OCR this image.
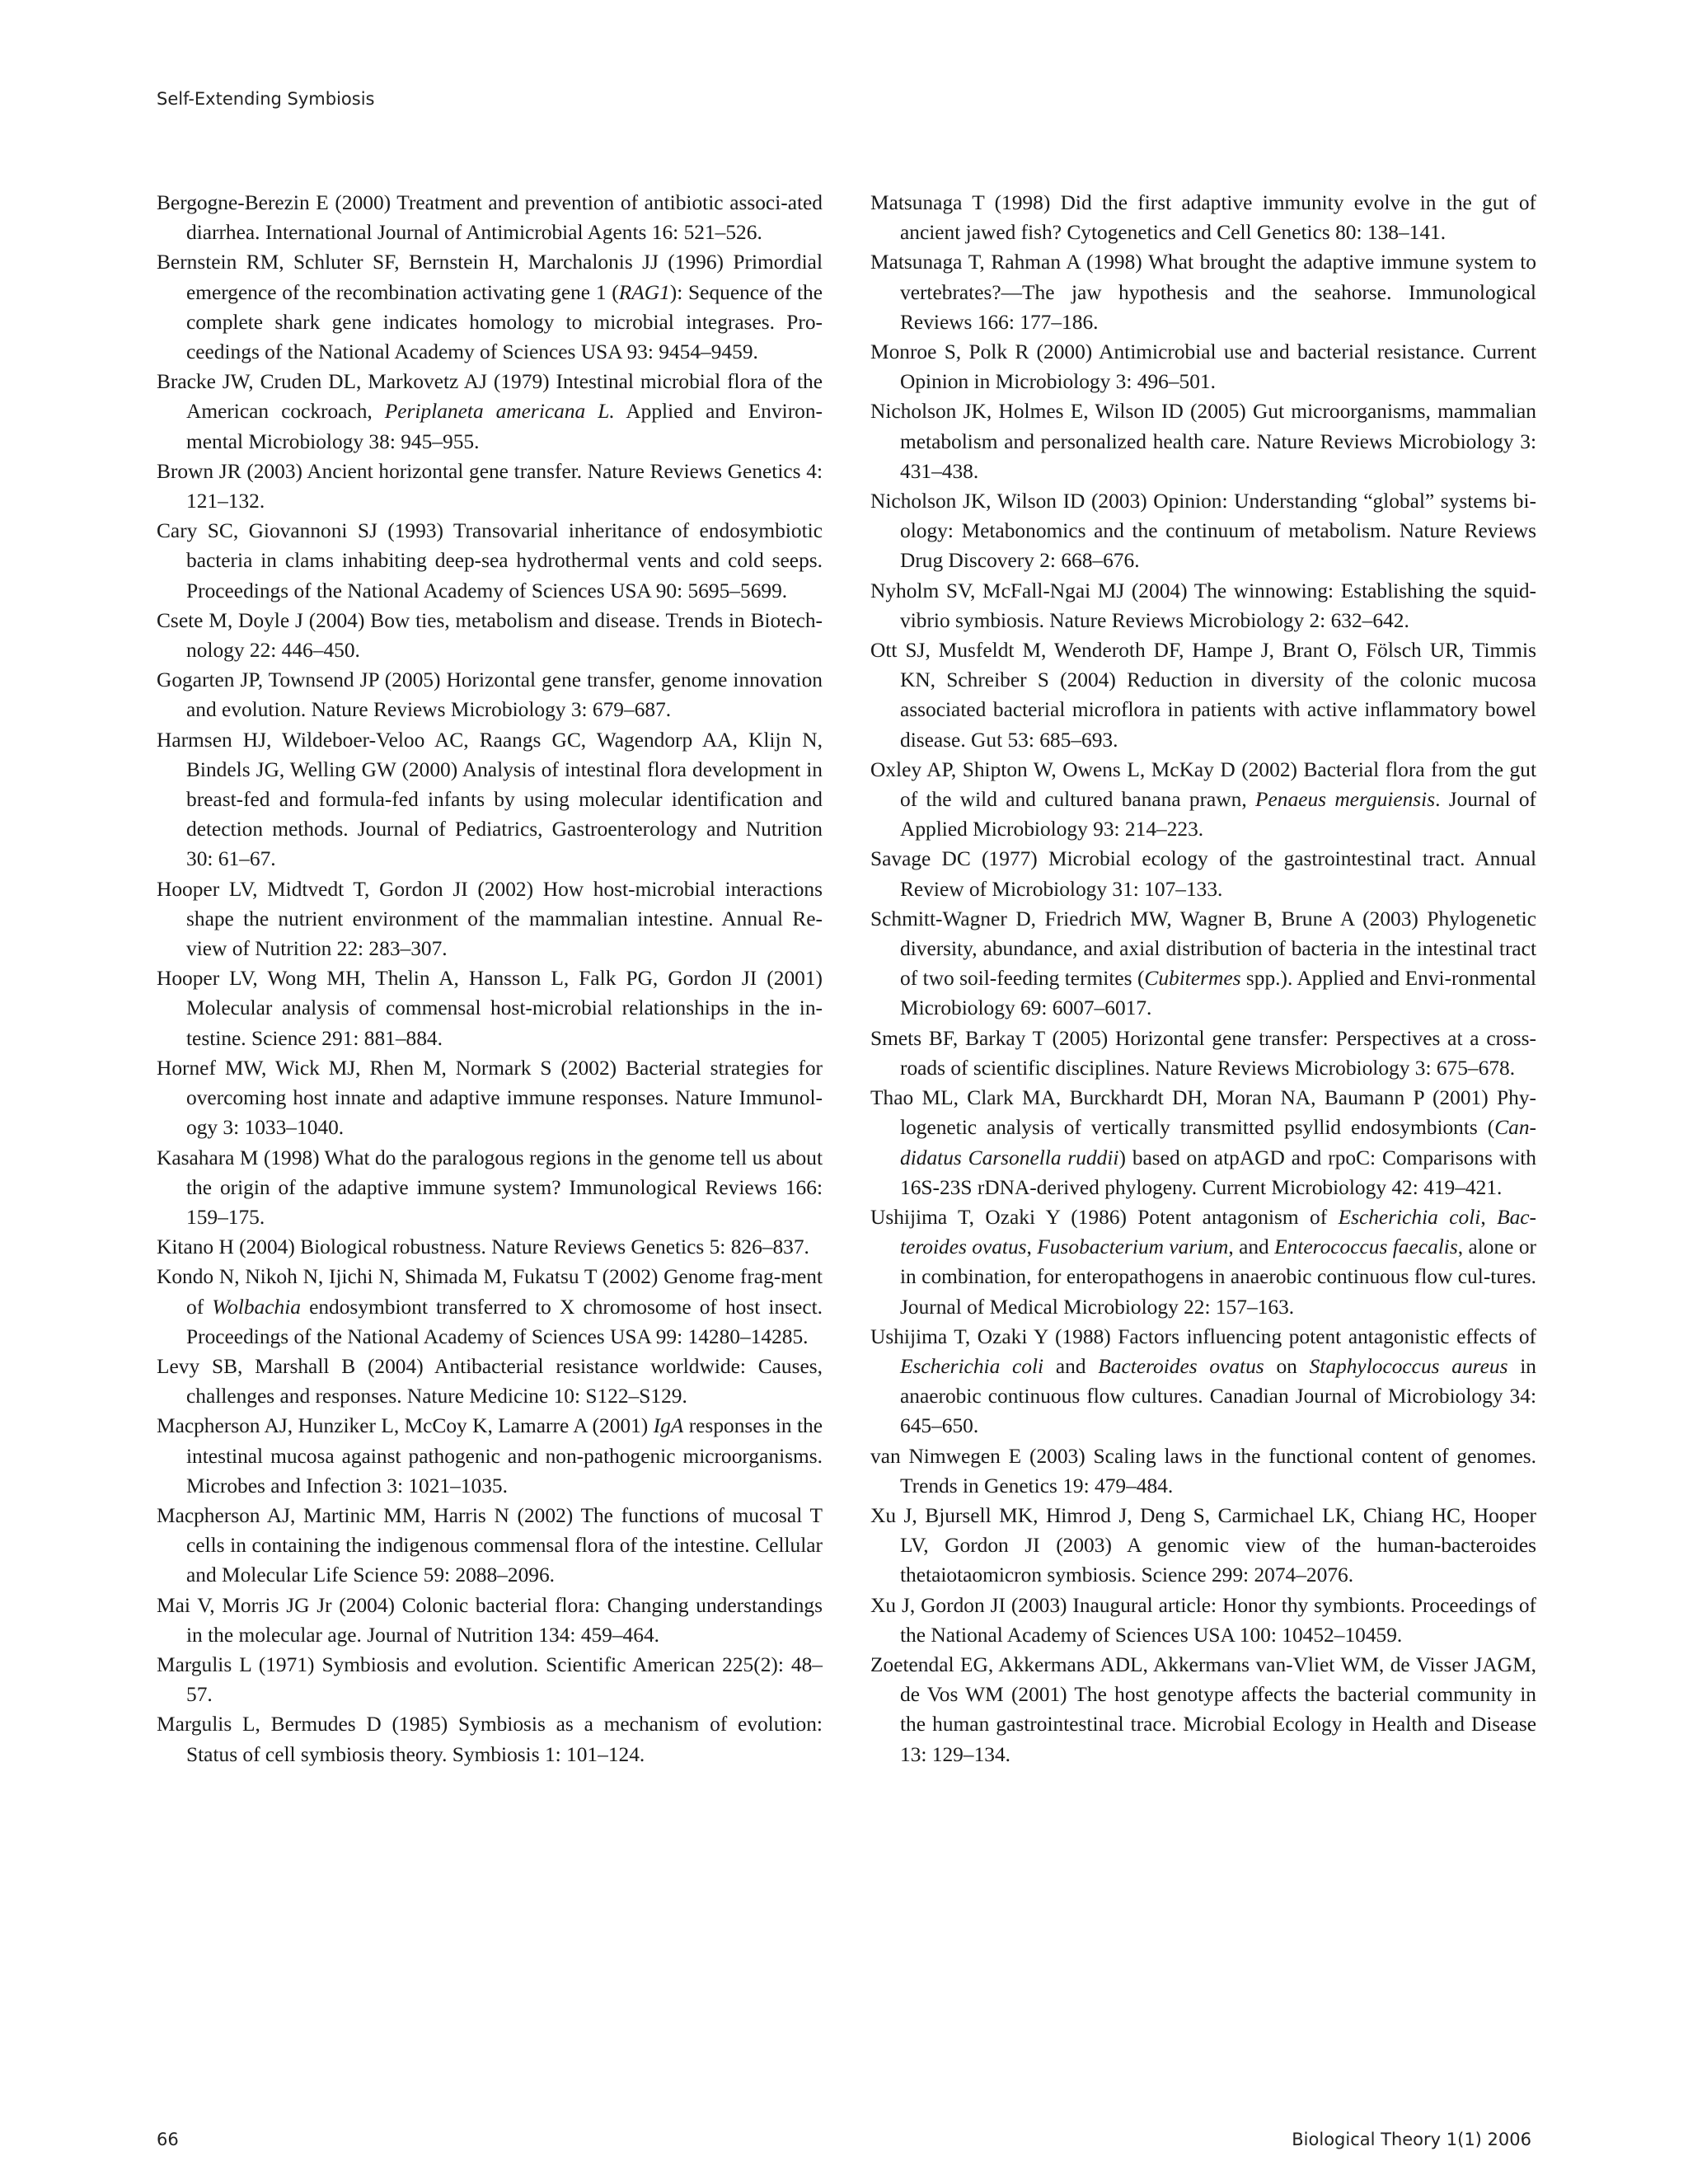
Self-Extending Symbiosis

Bergogne-Berezin E (2000) Treatment and prevention of antibiotic associ-ated diarrhea. International Journal of Antimicrobial Agents 16: 521–526.

Bernstein RM, Schluter SF, Bernstein H, Marchalonis JJ (1996) Primordial emergence of the recombination activating gene 1 (RAG1): Sequence of the complete shark gene indicates homology to microbial integrases. Pro-ceedings of the National Academy of Sciences USA 93: 9454–9459.

Bracke JW, Cruden DL, Markovetz AJ (1979) Intestinal microbial flora of the American cockroach, Periplaneta americana L. Applied and Environ-mental Microbiology 38: 945–955.

Brown JR (2003) Ancient horizontal gene transfer. Nature Reviews Genetics 4: 121–132.

Cary SC, Giovannoni SJ (1993) Transovarial inheritance of endosymbiotic bacteria in clams inhabiting deep-sea hydrothermal vents and cold seeps. Proceedings of the National Academy of Sciences USA 90: 5695–5699.

Csete M, Doyle J (2004) Bow ties, metabolism and disease. Trends in Biotech-nology 22: 446–450.

Gogarten JP, Townsend JP (2005) Horizontal gene transfer, genome innovation and evolution. Nature Reviews Microbiology 3: 679–687.

Harmsen HJ, Wildeboer-Veloo AC, Raangs GC, Wagendorp AA, Klijn N, Bindels JG, Welling GW (2000) Analysis of intestinal flora development in breast-fed and formula-fed infants by using molecular identification and detection methods. Journal of Pediatrics, Gastroenterology and Nutrition 30: 61–67.

Hooper LV, Midtvedt T, Gordon JI (2002) How host-microbial interactions shape the nutrient environment of the mammalian intestine. Annual Re-view of Nutrition 22: 283–307.

Hooper LV, Wong MH, Thelin A, Hansson L, Falk PG, Gordon JI (2001) Molecular analysis of commensal host-microbial relationships in the in-testine. Science 291: 881–884.

Hornef MW, Wick MJ, Rhen M, Normark S (2002) Bacterial strategies for overcoming host innate and adaptive immune responses. Nature Immunol-ogy 3: 1033–1040.

Kasahara M (1998) What do the paralogous regions in the genome tell us about the origin of the adaptive immune system? Immunological Reviews 166: 159–175.

Kitano H (2004) Biological robustness. Nature Reviews Genetics 5: 826–837.

Kondo N, Nikoh N, Ijichi N, Shimada M, Fukatsu T (2002) Genome frag-ment of Wolbachia endosymbiont transferred to X chromosome of host insect. Proceedings of the National Academy of Sciences USA 99: 14280–14285.

Levy SB, Marshall B (2004) Antibacterial resistance worldwide: Causes, challenges and responses. Nature Medicine 10: S122–S129.

Macpherson AJ, Hunziker L, McCoy K, Lamarre A (2001) IgA responses in the intestinal mucosa against pathogenic and non-pathogenic microorganisms. Microbes and Infection 3: 1021–1035.

Macpherson AJ, Martinic MM, Harris N (2002) The functions of mucosal T cells in containing the indigenous commensal flora of the intestine. Cellular and Molecular Life Science 59: 2088–2096.

Mai V, Morris JG Jr (2004) Colonic bacterial flora: Changing understandings in the molecular age. Journal of Nutrition 134: 459–464.

Margulis L (1971) Symbiosis and evolution. Scientific American 225(2): 48–57.

Margulis L, Bermudes D (1985) Symbiosis as a mechanism of evolution: Status of cell symbiosis theory. Symbiosis 1: 101–124.

Matsunaga T (1998) Did the first adaptive immunity evolve in the gut of ancient jawed fish? Cytogenetics and Cell Genetics 80: 138–141.

Matsunaga T, Rahman A (1998) What brought the adaptive immune system to vertebrates?—The jaw hypothesis and the seahorse. Immunological Reviews 166: 177–186.

Monroe S, Polk R (2000) Antimicrobial use and bacterial resistance. Current Opinion in Microbiology 3: 496–501.

Nicholson JK, Holmes E, Wilson ID (2005) Gut microorganisms, mammalian metabolism and personalized health care. Nature Reviews Microbiology 3: 431–438.

Nicholson JK, Wilson ID (2003) Opinion: Understanding “global” systems bi-ology: Metabonomics and the continuum of metabolism. Nature Reviews Drug Discovery 2: 668–676.

Nyholm SV, McFall-Ngai MJ (2004) The winnowing: Establishing the squid-vibrio symbiosis. Nature Reviews Microbiology 2: 632–642.

Ott SJ, Musfeldt M, Wenderoth DF, Hampe J, Brant O, Fölsch UR, Timmis KN, Schreiber S (2004) Reduction in diversity of the colonic mucosa associated bacterial microflora in patients with active inflammatory bowel disease. Gut 53: 685–693.

Oxley AP, Shipton W, Owens L, McKay D (2002) Bacterial flora from the gut of the wild and cultured banana prawn, Penaeus merguiensis. Journal of Applied Microbiology 93: 214–223.

Savage DC (1977) Microbial ecology of the gastrointestinal tract. Annual Review of Microbiology 31: 107–133.

Schmitt-Wagner D, Friedrich MW, Wagner B, Brune A (2003) Phylogenetic diversity, abundance, and axial distribution of bacteria in the intestinal tract of two soil-feeding termites (Cubitermes spp.). Applied and Envi-ronmental Microbiology 69: 6007–6017.

Smets BF, Barkay T (2005) Horizontal gene transfer: Perspectives at a cross-roads of scientific disciplines. Nature Reviews Microbiology 3: 675–678.

Thao ML, Clark MA, Burckhardt DH, Moran NA, Baumann P (2001) Phy-logenetic analysis of vertically transmitted psyllid endosymbionts (Can-didatus Carsonella ruddii) based on atpAGD and rpoC: Comparisons with 16S-23S rDNA-derived phylogeny. Current Microbiology 42: 419–421.

Ushijima T, Ozaki Y (1986) Potent antagonism of Escherichia coli, Bac-teroides ovatus, Fusobacterium varium, and Enterococcus faecalis, alone or in combination, for enteropathogens in anaerobic continuous flow cul-tures. Journal of Medical Microbiology 22: 157–163.

Ushijima T, Ozaki Y (1988) Factors influencing potent antagonistic effects of Escherichia coli and Bacteroides ovatus on Staphylococcus aureus in anaerobic continuous flow cultures. Canadian Journal of Microbiology 34: 645–650.

van Nimwegen E (2003) Scaling laws in the functional content of genomes. Trends in Genetics 19: 479–484.

Xu J, Bjursell MK, Himrod J, Deng S, Carmichael LK, Chiang HC, Hooper LV, Gordon JI (2003) A genomic view of the human-bacteroides thetaiotaomicron symbiosis. Science 299: 2074–2076.

Xu J, Gordon JI (2003) Inaugural article: Honor thy symbionts. Proceedings of the National Academy of Sciences USA 100: 10452–10459.

Zoetendal EG, Akkermans ADL, Akkermans van-Vliet WM, de Visser JAGM, de Vos WM (2001) The host genotype affects the bacterial community in the human gastrointestinal trace. Microbial Ecology in Health and Disease 13: 129–134.

66	Biological Theory 1(1) 2006
